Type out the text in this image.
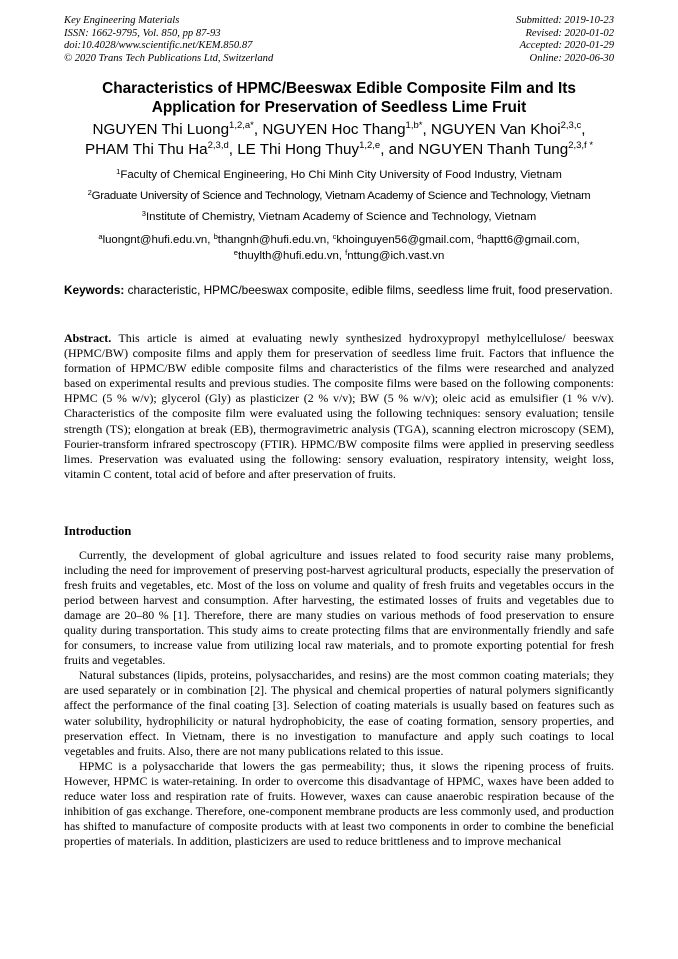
Key Engineering Materials
ISSN: 1662-9795, Vol. 850, pp 87-93
doi:10.4028/www.scientific.net/KEM.850.87
© 2020 Trans Tech Publications Ltd, Switzerland
Submitted: 2019-10-23
Revised: 2020-01-02
Accepted: 2020-01-29
Online: 2020-06-30
Characteristics of HPMC/Beeswax Edible Composite Film and Its
Application for Preservation of Seedless Lime Fruit
NGUYEN Thi Luong$^{1,2,a*}$, NGUYEN Hoc Thang$^{1,b*}$, NGUYEN Van Khoi$^{2,3,c}$,
PHAM Thi Thu Ha$^{2,3,d}$, LE Thi Hong Thuy$^{1,2,e}$, and NGUYEN Thanh Tung$^{2,3,f *}$
$^1$Faculty of Chemical Engineering, Ho Chi Minh City University of Food Industry, Vietnam
$^2$Graduate University of Science and Technology, Vietnam Academy of Science and Technology, Vietnam
$^3$Institute of Chemistry, Vietnam Academy of Science and Technology, Vietnam
$^a$luongnt@hufi.edu.vn, $^b$thangnh@hufi.edu.vn, $^c$khoinguyen56@gmail.com, $^d$haptt6@gmail.com,
$^e$thuylth@hufi.edu.vn, $^f$nttung@ich.vast.vn
Keywords: characteristic, HPMC/beeswax composite, edible films, seedless lime fruit, food preservation.
Abstract. This article is aimed at evaluating newly synthesized hydroxypropyl methylcellulose/ beeswax (HPMC/BW) composite films and apply them for preservation of seedless lime fruit. Factors that influence the formation of HPMC/BW edible composite films and characteristics of the films were researched and analyzed based on experimental results and previous studies. The composite films were based on the following components: HPMC (5 % w/v); glycerol (Gly) as plasticizer (2 % v/v); BW (5 % w/v); oleic acid as emulsifier (1 % v/v). Characteristics of the composite film were evaluated using the following techniques: sensory evaluation; tensile strength (TS); elongation at break (EB), thermogravimetric analysis (TGA), scanning electron microscopy (SEM), Fourier-transform infrared spectroscopy (FTIR). HPMC/BW composite films were applied in preserving seedless limes. Preservation was evaluated using the following: sensory evaluation, respiratory intensity, weight loss, vitamin C content, total acid of before and after preservation of fruits.
Introduction

Currently, the development of global agriculture and issues related to food security raise many problems, including the need for improvement of preserving post-harvest agricultural products, especially the preservation of fresh fruits and vegetables, etc. Most of the loss on volume and quality of fresh fruits and vegetables occurs in the period between harvest and consumption. After harvesting, the estimated losses of fruits and vegetables due to damage are 20–80 % [1]. Therefore, there are many studies on various methods of food preservation to ensure quality during transportation. This study aims to create protecting films that are environmentally friendly and safe for consumers, to increase value from utilizing local raw materials, and to promote exporting potential for fresh fruits and vegetables.

Natural substances (lipids, proteins, polysaccharides, and resins) are the most common coating materials; they are used separately or in combination [2]. The physical and chemical properties of natural polymers significantly affect the performance of the final coating [3]. Selection of coating materials is usually based on features such as water solubility, hydrophilicity or natural hydrophobicity, the ease of coating formation, sensory properties, and preservation effect. In Vietnam, there is no investigation to manufacture and apply such coatings to local vegetables and fruits. Also, there are not many publications related to this issue.

HPMC is a polysaccharide that lowers the gas permeability; thus, it slows the ripening process of fruits. However, HPMC is water-retaining. In order to overcome this disadvantage of HPMC, waxes have been added to reduce water loss and respiration rate of fruits. However, waxes can cause anaerobic respiration because of the inhibition of gas exchange. Therefore, one-component membrane products are less commonly used, and production has shifted to manufacture of composite products with at least two components in order to combine the beneficial properties of materials. In addition, plasticizers are used to reduce brittleness and to improve mechanical
